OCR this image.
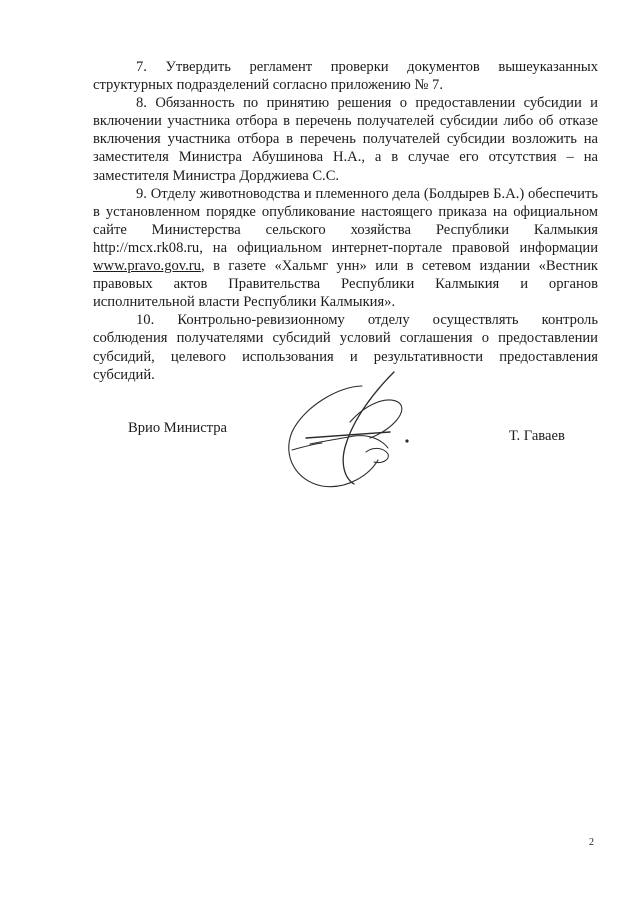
7. Утвердить регламент проверки документов вышеуказанных структурных подразделений согласно приложению № 7.

8. Обязанность по принятию решения о предоставлении субсидии и включении участника отбора в перечень получателей субсидии либо об отказе включения участника отбора в перечень получателей субсидии возложить на заместителя Министра Абушинова Н.А., а в случае его отсутствия – на заместителя Министра Дорджиева С.С.

9. Отделу животноводства и племенного дела (Болдырев Б.А.) обеспечить в установленном порядке опубликование настоящего приказа на официальном сайте Министерства сельского хозяйства Республики Калмыкия http://mcx.rk08.ru, на официальном интернет-портале правовой информации www.pravo.gov.ru, в газете «Хальмг унн» или в сетевом издании «Вестник правовых актов Правительства Республики Калмыкия и органов исполнительной власти Республики Калмыкия».

10. Контрольно-ревизионному отделу осуществлять контроль соблюдения получателями субсидий условий соглашения о предоставлении субсидий, целевого использования и результативности предоставления субсидий.

Врио Министра	Т. Гаваев
2
